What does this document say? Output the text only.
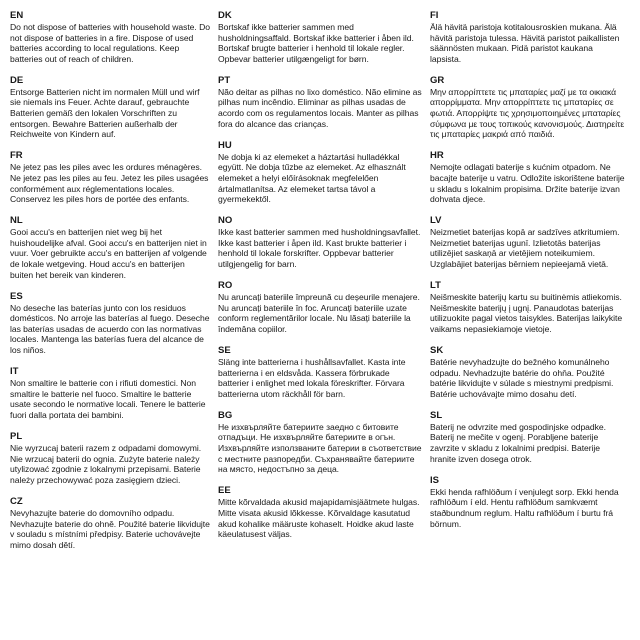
EN

Do not dispose of batteries with household waste. Do not dispose of batteries in a fire. Dispose of used batteries according to local regulations. Keep batteries out of reach of children.

DE

Entsorge Batterien nicht im normalen Müll und wirf sie niemals ins Feuer. Achte darauf, gebrauchte Batterien gemäß den lokalen Vorschriften zu entsorgen. Bewahre Batterien außerhalb der Reichweite von Kindern auf.

FR

Ne jetez pas les piles avec les ordures ménagères. Ne jetez pas les piles au feu. Jetez les piles usagées conformément aux réglementations locales. Conservez les piles hors de portée des enfants.

NL

Gooi accu's en batterijen niet weg bij het huishoudelijke afval. Gooi accu's en batterijen niet in vuur. Voer gebruikte accu's en batterijen af volgende de lokale wetgeving. Houd accu's en batterijen buiten het bereik van kinderen.

ES

No deseche las baterías junto con los residuos domésticos. No arroje las baterías al fuego. Deseche las baterías usadas de acuerdo con las normativas locales. Mantenga las baterías fuera del alcance de los niños.

IT

Non smaltire le batterie con i rifiuti domestici. Non smaltire le batterie nel fuoco. Smaltire le batterie usate secondo le normative locali. Tenere le batterie fuori dalla portata dei bambini.

PL

Nie wyrzucaj baterii razem z odpadami domowymi. Nie wrzucaj baterii do ognia. Zużyte baterie należy utylizować zgodnie z lokalnymi przepisami. Baterie należy przechowywać poza zasięgiem dzieci.

CZ

Nevyhazujte baterie do domovního odpadu. Nevhazujte baterie do ohně. Použité baterie likvidujte v souladu s místními předpisy. Baterie uchovávejte mimo dosah dětí.

DK

Bortskaf ikke batterier sammen med husholdningsaffald. Bortskaf ikke batterier i åben ild. Bortskaf brugte batterier i henhold til lokale regler. Opbevar batterier utilgængeligt for børn.

PT

Não deitar as pilhas no lixo doméstico. Não elimine as pilhas num incêndio. Eliminar as pilhas usadas de acordo com os regulamentos locais. Manter as pilhas fora do alcance das crianças.

HU

Ne dobja ki az elemeket a háztartási hulladékkal együtt. Ne dobja tűzbe az elemeket. Az elhasznált elemeket a helyi előírásoknak megfelelően ártalmatlanítsa. Az elemeket tartsa távol a gyermekektől.

NO

Ikke kast batterier sammen med husholdningsavfallet. Ikke kast batterier i åpen ild. Kast brukte batterier i henhold til lokale forskrifter. Oppbevar batterier utilgjengelig for barn.

RO

Nu aruncați bateriile împreună cu deșeurile menajere. Nu aruncați bateriile în foc. Aruncați bateriile uzate conform reglementărilor locale. Nu lăsați bateriile la îndemâna copiilor.

SE

Släng inte batterierna i hushållsavfallet. Kasta inte batterierna i en eldsvåda. Kassera förbrukade batterier i enlighet med lokala föreskrifter. Förvara batterierna utom räckhåll för barn.

BG

Не изхвърляйте батериите заедно с битовите отпадъци. Не изхвърляйте батериите в огън. Изхвърляйте използваните батерии в съответствие с местните разпоредби. Съхранявайте батериите на място, недостъпно за деца.

EE

Mitte kõrvaldada akusid majapidamisjäätmete hulgas. Mitte visata akusid lõkkesse. Kõrvaldage kasutatud akud kohalike määruste kohaselt. Hoidke akud laste käeulatusest väljas.

FI

Älä hävitä paristoja kotitalousroskien mukana. Älä hävitä paristoja tulessa. Hävitä paristot paikallisten säännösten mukaan. Pidä paristot kaukana lapsista.

GR

Μην απορρίπτετε τις μπαταρίες μαζί με τα οικιακά απορρίμματα. Μην απορρίπτετε τις μπαταρίες σε φωτιά. Απορρίψτε τις χρησιμοποιημένες μπαταρίες σύμφωνα με τους τοπικούς κανονισμούς. Διατηρείτε τις μπαταρίες μακριά από παιδιά.

HR

Nemojte odlagati baterije s kućnim otpadom. Ne bacajte baterije u vatru. Odložite iskorištene baterije u skladu s lokalnim propisima. Držite baterije izvan dohvata djece.

LV

Neizmetiet baterijas kopā ar sadzīves atkritumiem. Neizmetiet baterijas ugunī. Izlietotās baterijas utilizējiet saskaņā ar vietējiem noteikumiem. Uzglabājiet baterijas bērniem nepieejamā vietā.

LT

Neišmeskite baterijų kartu su buitinėmis atliekomis. Neišmeskite baterijų į ugnį. Panaudotas baterijas utilizuokite pagal vietos taisykles. Baterijas laikykite vaikams nepasiekiamoje vietoje.

SK

Batérie nevyhadzujte do bežného komunálneho odpadu. Nevhadzujte batérie do ohňa. Použité batérie likvidujte v súlade s miestnymi predpismi. Batérie uchovávajte mimo dosahu detí.

SL

Baterij ne odvrzite med gospodinjske odpadke. Baterij ne mečite v ogenj. Porabljene baterije zavrzite v skladu z lokalnimi predpisi. Baterije hranite izven dosega otrok.

IS

Ekki henda rafhlöðum í venjulegt sorp. Ekki henda rafhlöðum í eld. Hentu rafhlöðum samkvæmt staðbundnum reglum. Haltu rafhlöðum í burtu frá börnum.
